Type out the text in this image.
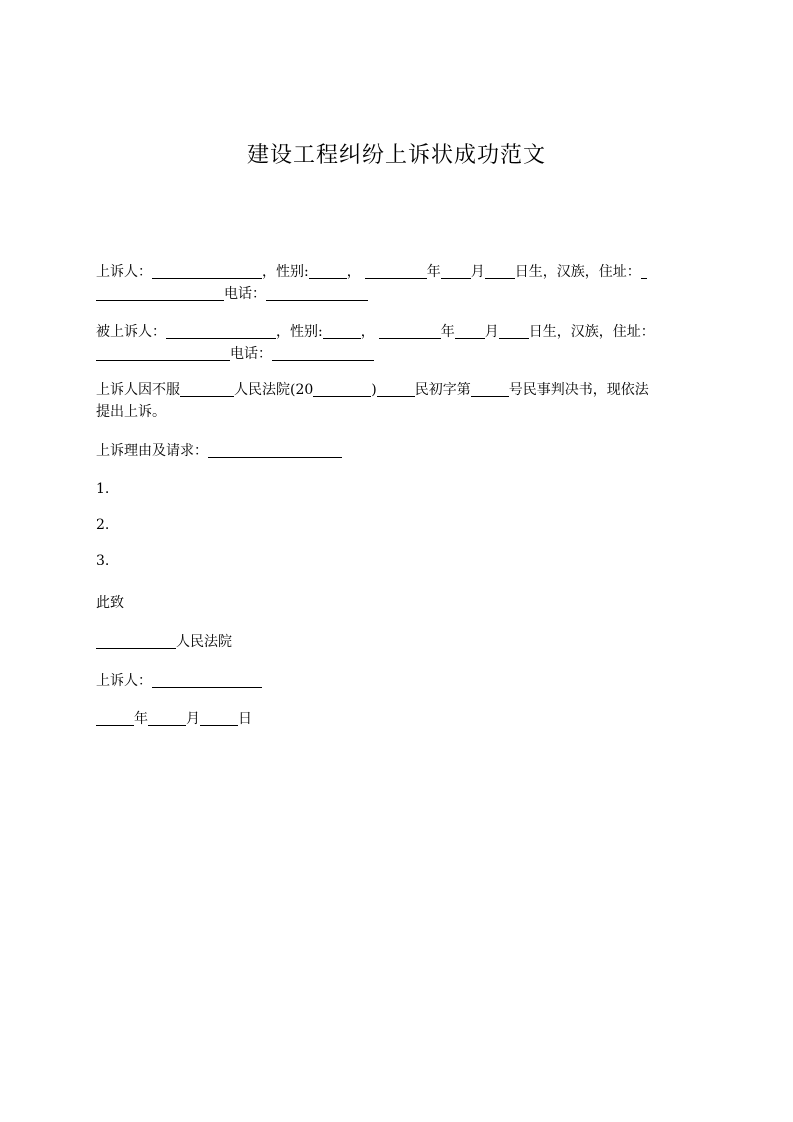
建设工程纠纷上诉状成功范文
上诉人：	，性别:	，	年 月 日生，汉族，住址：
电话：
被上诉人：	，性别:	，	年 月 日生，汉族，住址：
电话：
上诉人因不服	人民法院(20	)	民初字第	号民事判决书，现依法
提出上诉。
上诉理由及请求：
1.
2.
3.
此致
人民法院
上诉人：
年	月	日
